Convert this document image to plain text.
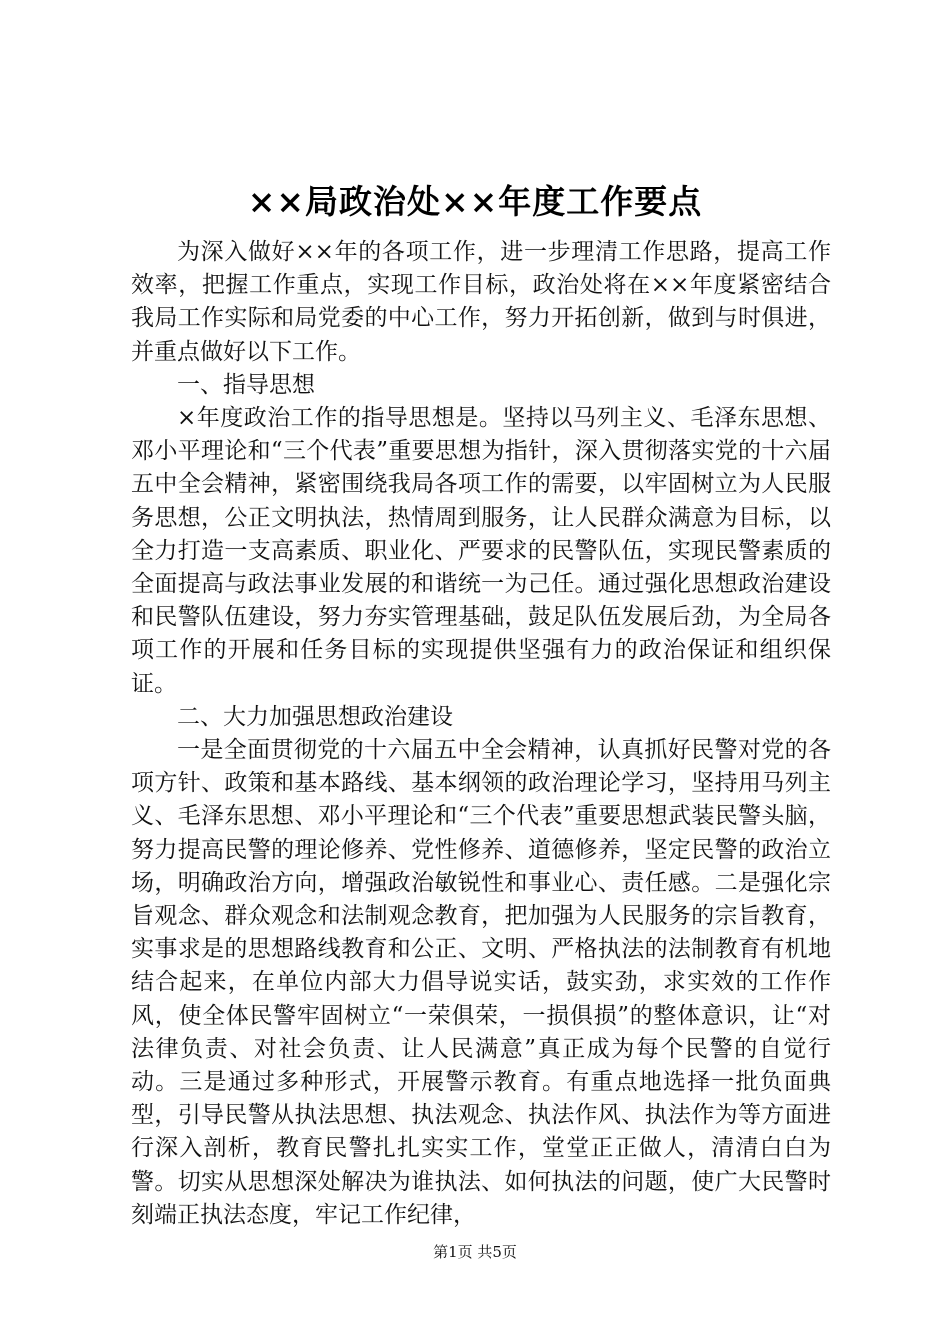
××局政治处××年度工作要点

为深入做好××年的各项工作，进一步理清工作思路，提高工作效率，把握工作重点，实现工作目标，政治处将在××年度紧密结合我局工作实际和局党委的中心工作，努力开拓创新，做到与时俱进，并重点做好以下工作。

一、指导思想

×年度政治工作的指导思想是。坚持以马列主义、毛泽东思想、邓小平理论和“三个代表”重要思想为指针，深入贯彻落实党的十六届五中全会精神，紧密围绕我局各项工作的需要，以牢固树立为人民服务思想，公正文明执法，热情周到服务，让人民群众满意为目标，以全力打造一支高素质、职业化、严要求的民警队伍，实现民警素质的全面提高与政法事业发展的和谐统一为己任。通过强化思想政治建设和民警队伍建设，努力夯实管理基础，鼓足队伍发展后劲，为全局各项工作的开展和任务目标的实现提供坚强有力的政治保证和组织保证。

二、大力加强思想政治建设

一是全面贯彻党的十六届五中全会精神，认真抓好民警对党的各项方针、政策和基本路线、基本纲领的政治理论学习，坚持用马列主义、毛泽东思想、邓小平理论和“三个代表”重要思想武装民警头脑，努力提高民警的理论修养、党性修养、道德修养，坚定民警的政治立场，明确政治方向，增强政治敏锐性和事业心、责任感。二是强化宗旨观念、群众观念和法制观念教育，把加强为人民服务的宗旨教育，实事求是的思想路线教育和公正、文明、严格执法的法制教育有机地结合起来，在单位内部大力倡导说实话，鼓实劲，求实效的工作作风，使全体民警牢固树立“一荣俱荣，一损俱损”的整体意识，让“对法律负责、对社会负责、让人民满意”真正成为每个民警的自觉行动。三是通过多种形式，开展警示教育。有重点地选择一批负面典型，引导民警从执法思想、执法观念、执法作风、执法作为等方面进行深入剖析，教育民警扎扎实实工作，堂堂正正做人，清清白白为警。切实从思想深处解决为谁执法、如何执法的问题，使广大民警时刻端正执法态度，牢记工作纪律，

第1页 共5页
